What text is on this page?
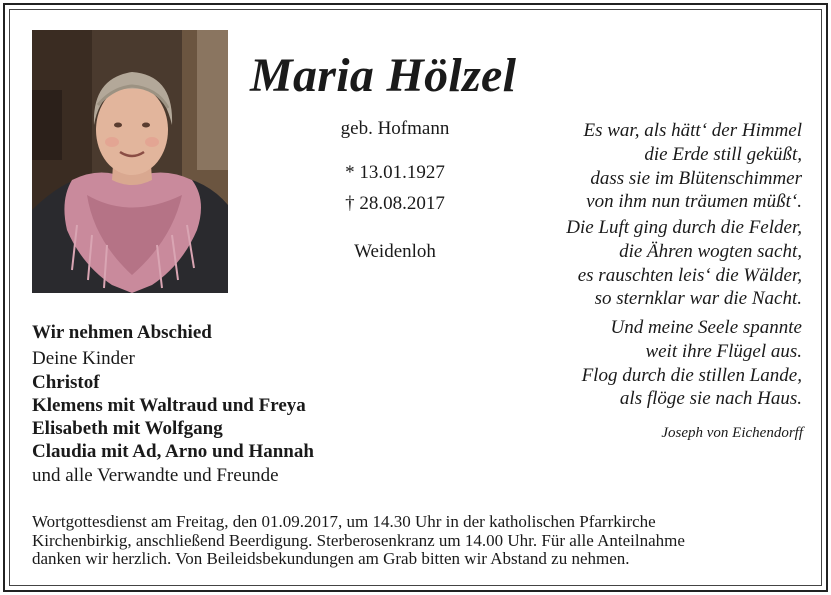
Maria Hölzel
geb. Hofmann
* 13.01.1927
† 28.08.2017
Weidenloh
Es war, als hätt‘ der Himmel
die Erde still geküßt,
dass sie im Blütenschimmer
von ihm nun träumen müßt‘.
Die Luft ging durch die Felder,
die Ähren wogten sacht,
es rauschten leis‘ die Wälder,
so sternklar war die Nacht.
Und meine Seele spannte
weit ihre Flügel aus.
Flog durch die stillen Lande,
als flöge sie nach Haus.
Joseph von Eichendorff
Wir nehmen Abschied
Deine Kinder
Christof
Klemens mit Waltraud und Freya
Elisabeth mit Wolfgang
Claudia mit Ad, Arno und Hannah
und alle Verwandte und Freunde
Wortgottesdienst am Freitag, den 01.09.2017, um 14.30 Uhr in der katholischen Pfarrkirche
Kirchenbirkig, anschließend Beerdigung. Sterberosenkranz um 14.00 Uhr. Für alle Anteilnahme
danken wir herzlich. Von Beileidsbekundungen am Grab bitten wir Abstand zu nehmen.
